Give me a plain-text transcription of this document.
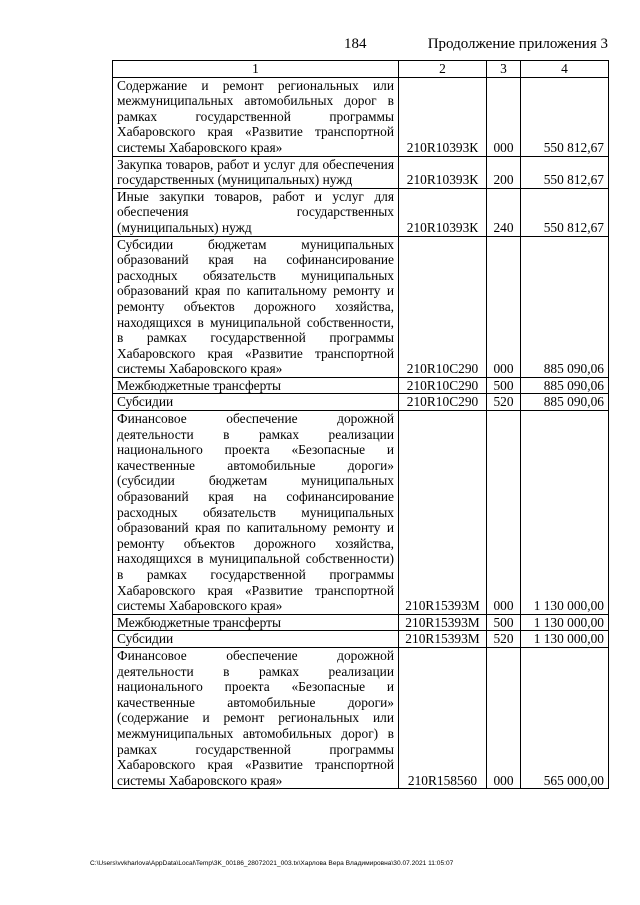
184	Продолжение приложения 3
1	2	3	4
Содержание и ремонт региональных или межмуниципальных автомобильных дорог в рамках государственной программы Хабаровского края «Развитие транспортной системы Хабаровского края»	210R10393К	000	550 812,67
Закупка товаров, работ и услуг для обеспечения государственных (муниципальных) нужд	210R10393К	200	550 812,67
Иные закупки товаров, работ и услуг для обеспечения государственных (муниципальных) нужд	210R10393К	240	550 812,67
Субсидии бюджетам муниципальных образований края на софинансирование расходных обязательств муниципальных образований края по капитальному ремонту и ремонту объектов дорожного хозяйства, находящихся в муниципальной собственности, в рамках государственной программы Хабаровского края «Развитие транспортной системы Хабаровского края»	210R10С290	000	885 090,06
Межбюджетные трансферты	210R10С290	500	885 090,06
Субсидии	210R10С290	520	885 090,06
Финансовое обеспечение дорожной деятельности в рамках реализации национального проекта «Безопасные и качественные автомобильные дороги» (субсидии бюджетам муниципальных образований края на софинансирование расходных обязательств муниципальных образований края по капитальному ремонту и ремонту объектов дорожного хозяйства, находящихся в муниципальной собственности) в рамках государственной программы Хабаровского края «Развитие транспортной системы Хабаровского края»	210R15393М	000	1 130 000,00
Межбюджетные трансферты	210R15393М	500	1 130 000,00
Субсидии	210R15393М	520	1 130 000,00
Финансовое обеспечение дорожной деятельности в рамках реализации национального проекта «Безопасные и качественные автомобильные дороги» (содержание и ремонт региональных или межмуниципальных автомобильных дорог) в рамках государственной программы Хабаровского края «Развитие транспортной системы Хабаровского края»	210R158560	000	565 000,00
C:\Users\vvkharlova\AppData\Local\Temp\3K_00186_28072021_003.tx\Харлова Вера Владимировна\30.07.2021 11:05:07
